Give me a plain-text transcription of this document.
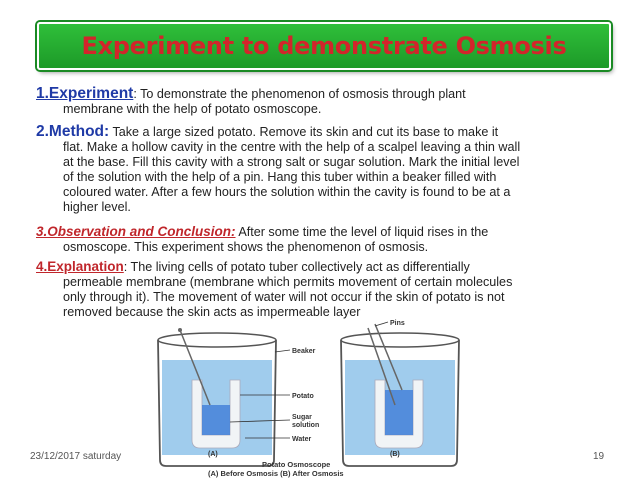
Experiment to demonstrate Osmosis
1.Experiment: To demonstrate the phenomenon of osmosis through plant
membrane with the help of potato osmoscope.
2.Method: Take a large sized potato. Remove its skin and cut its base to make it
flat. Make a hollow cavity in the centre with the help of a scalpel leaving a thin wall
at the base. Fill this cavity with a strong salt or sugar solution. Mark the initial level
of the solution with the help of a pin. Hang this tuber within a beaker filled with
coloured water. After a few hours the solution within the cavity is found to be at a
higher level.
3.Observation and Conclusion: After some time the level of liquid rises in the
osmoscope. This experiment shows the phenomenon of osmosis.
4.Explanation: The living cells of potato tuber collectively act as differentially
permeable membrane (membrane which permits movement of certain molecules
only through it). The movement of water will not occur if the skin of potato is not
removed because the skin acts as impermeable layer
Beaker
Potato
Sugar
solution
Water
Pins
(A)	(B)
Potato Osmoscope
(A) Before Osmosis (B) After Osmosis
23/12/2017 saturday	19
